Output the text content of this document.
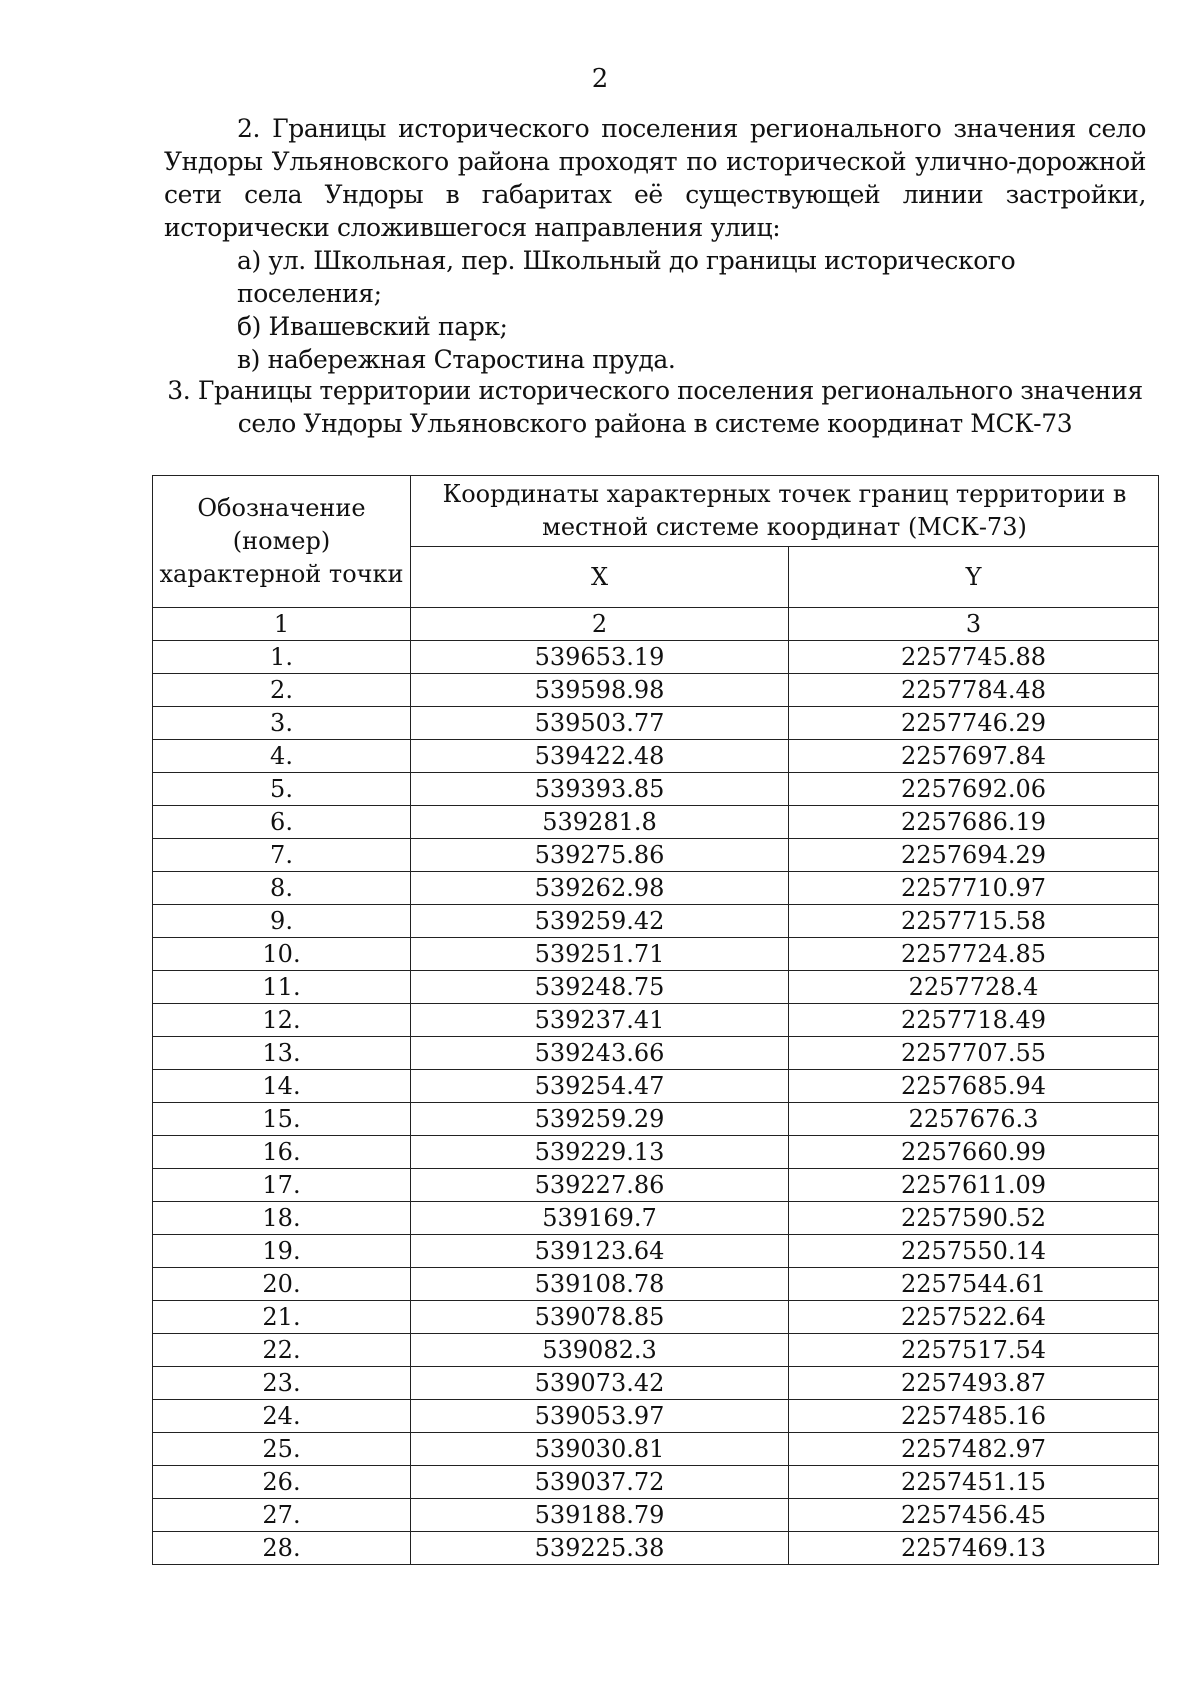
2

2. Границы исторического поселения регионального значения село Ундоры Ульяновского района проходят по исторической улично-дорожной сети села Ундоры в габаритах её существующей линии застройки, исторически сложившегося направления улиц:

а) ул. Школьная, пер. Школьный до границы исторического поселения;
б) Ивашевский парк;
в) набережная Старостина пруда.
3. Границы территории исторического поселения регионального значения
село Ундоры Ульяновского района в системе координат МСК-73
Обозначение (номер) характерной точки	Координаты характерных точек границ территории в местной системе координат (МСК-73)	
	X	Y
1	2	3
1.	539653.19	2257745.88
2.	539598.98	2257784.48
3.	539503.77	2257746.29
4.	539422.48	2257697.84
5.	539393.85	2257692.06
6.	539281.8	2257686.19
7.	539275.86	2257694.29
8.	539262.98	2257710.97
9.	539259.42	2257715.58
10.	539251.71	2257724.85
11.	539248.75	2257728.4
12.	539237.41	2257718.49
13.	539243.66	2257707.55
14.	539254.47	2257685.94
15.	539259.29	2257676.3
16.	539229.13	2257660.99
17.	539227.86	2257611.09
18.	539169.7	2257590.52
19.	539123.64	2257550.14
20.	539108.78	2257544.61
21.	539078.85	2257522.64
22.	539082.3	2257517.54
23.	539073.42	2257493.87
24.	539053.97	2257485.16
25.	539030.81	2257482.97
26.	539037.72	2257451.15
27.	539188.79	2257456.45
28.	539225.38	2257469.13
